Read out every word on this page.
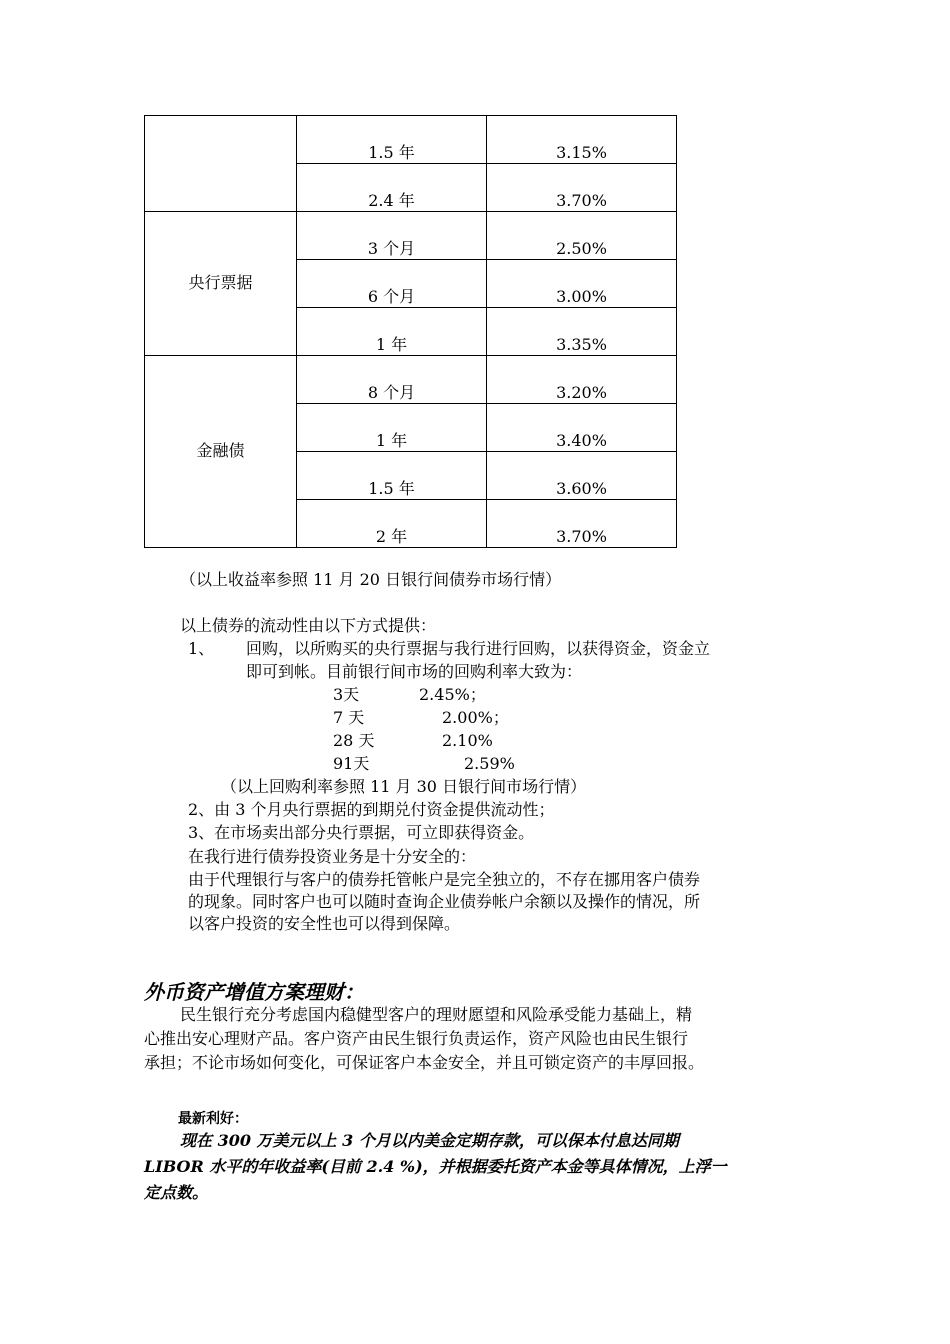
	1.5 年	3.15%
	2.4 年	3.70%
央行票据	3 个月	2.50%
	6 个月	3.00%
	1 年	3.35%
金融债	8 个月	3.20%
	1 年	3.40%
	1.5 年	3.60%
	2 年	3.70%
（以上收益率参照 11 月 20 日银行间债券市场行情）
以上债券的流动性由以下方式提供：
1、 回购，以所购买的央行票据与我行进行回购，以获得资金，资金立
即可到帐。目前银行间市场的回购利率大致为：
3天	2.45%；
7 天	2.00%；
28 天	2.10%
91天	2.59%
（以上回购利率参照 11 月 30 日银行间市场行情）
2、由 3 个月央行票据的到期兑付资金提供流动性；
3、在市场卖出部分央行票据，可立即获得资金。
在我行进行债券投资业务是十分安全的：
由于代理银行与客户的债券托管帐户是完全独立的，不存在挪用客户债券
的现象。同时客户也可以随时查询企业债券帐户余额以及操作的情况，所
以客户投资的安全性也可以得到保障。
外币资产增值方案理财：
民生银行充分考虑国内稳健型客户的理财愿望和风险承受能力基础上，精
心推出安心理财产品。客户资产由民生银行负责运作，资产风险也由民生银行
承担；不论市场如何变化，可保证客户本金安全，并且可锁定资产的丰厚回报。
最新利好：
现在 300 万美元以上 3 个月以内美金定期存款，可以保本付息达同期
LIBOR 水平的年收益率(目前 2.4 %)，并根据委托资产本金等具体情况，上浮一
定点数。
